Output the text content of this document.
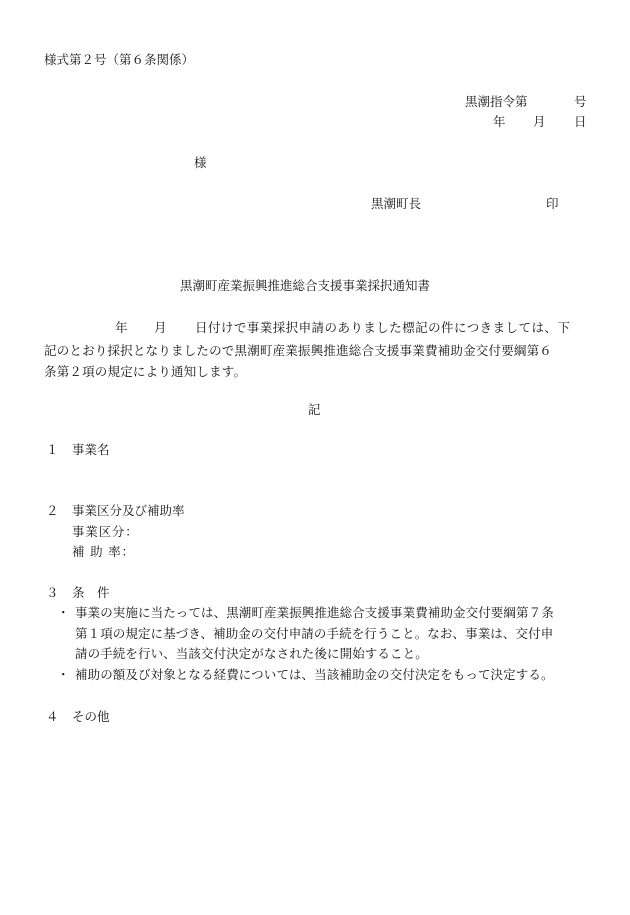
様式第２号（第６条関係）
黒潮指令第	号
年 月 日
様
黒潮町長	印
黒潮町産業振興推進総合支援事業採択通知書
年 月 日付けで事業採択申請のありました標記の件につきましては、下
記のとおり採択となりましたので黒潮町産業振興推進総合支援事業費補助金交付要綱第６
条第２項の規定により通知します。
記
１ 事業名
２ 事業区分及び補助率
事業区分：
補 助 率：
３ 条　件
・ 事業の実施に当たっては、黒潮町産業振興推進総合支援事業費補助金交付要綱第７条
第１項の規定に基づき、補助金の交付申請の手続を行うこと。なお、事業は、交付申
請の手続を行い、当該交付決定がなされた後に開始すること。
・ 補助の額及び対象となる経費については、当該補助金の交付決定をもって決定する。
４ その他
